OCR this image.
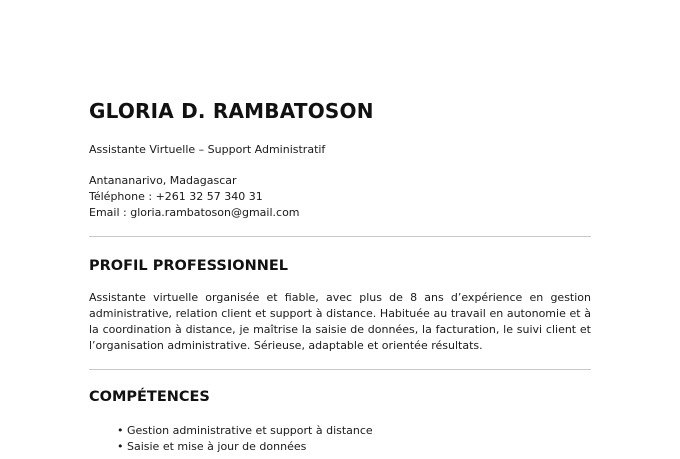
GLORIA D. RAMBATOSON
Assistante Virtuelle – Support Administratif
Antananarivo, Madagascar
Téléphone : +261 32 57 340 31
Email : gloria.rambatoson@gmail.com
PROFIL PROFESSIONNEL

Assistante virtuelle organisée et fiable, avec plus de 8 ans d’expérience en gestion administrative, relation client et support à distance. Habituée au travail en autonomie et à la coordination à distance, je maîtrise la saisie de données, la facturation, le suivi client et l’organisation administrative. Sérieuse, adaptable et orientée résultats.

COMPÉTENCES
• Gestion administrative et support à distance
• Saisie et mise à jour de données
